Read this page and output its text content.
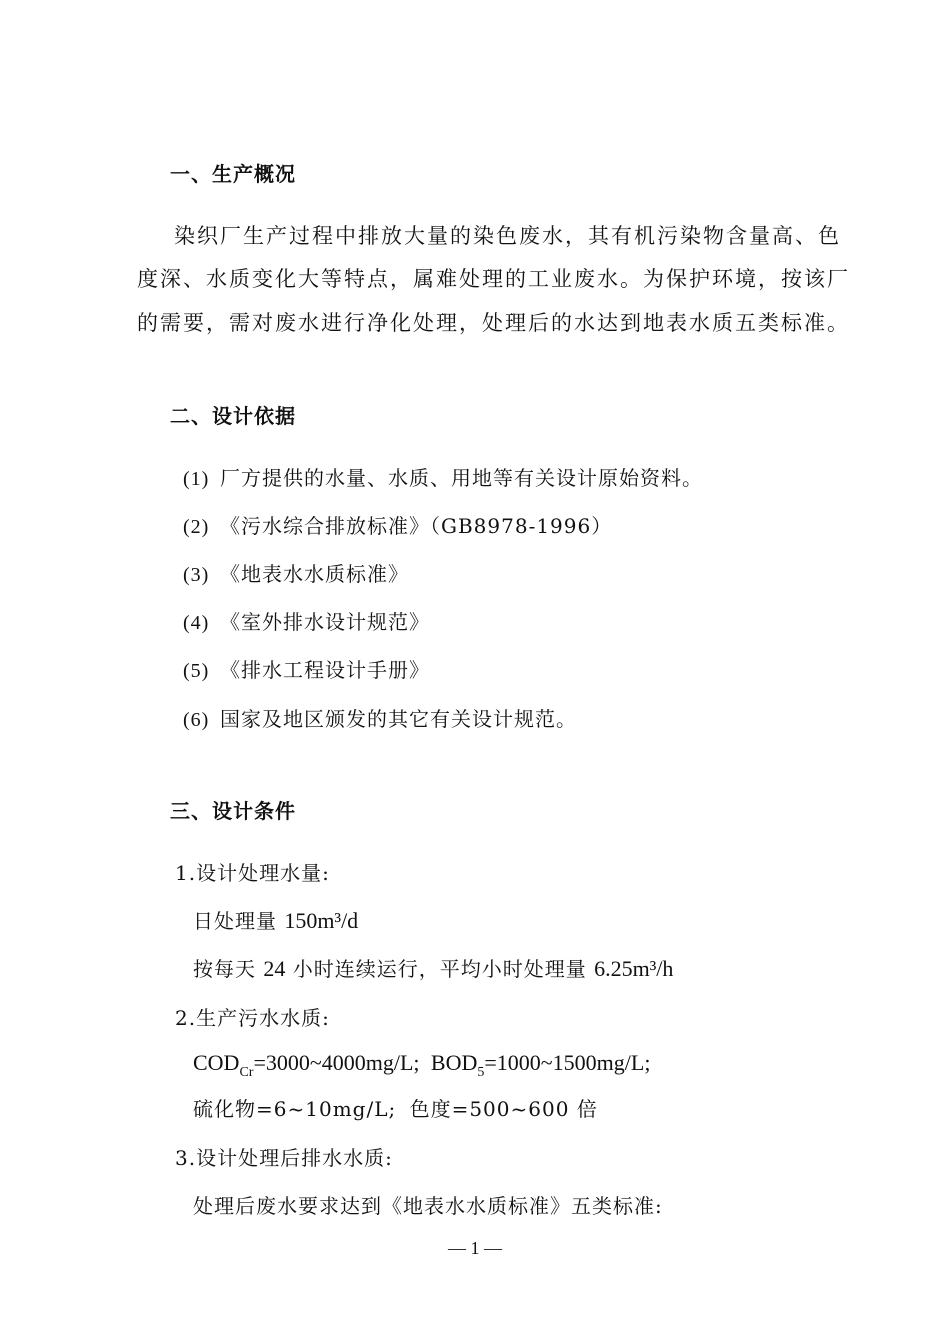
一、生产概况
染织厂生产过程中排放大量的染色废水，其有机污染物含量高、色
度深、水质变化大等特点，属难处理的工业废水。为保护环境，按该厂
的需要，需对废水进行净化处理，处理后的水达到地表水质五类标准。
二、设计依据
(1) 厂方提供的水量、水质、用地等有关设计原始资料。
(2) 《污水综合排放标准》（GB8978-1996）
(3) 《地表水水质标准》
(4) 《室外排水设计规范》
(5) 《排水工程设计手册》
(6) 国家及地区颁发的其它有关设计规范。
三、设计条件
1.设计处理水量:
日处理量 150m³/d
按每天 24 小时连续运行，平均小时处理量 6.25m³/h
2.生产污水水质:
$COD_{Cr}=3000\sim 4000mg/L$; $BOD_5=1000\sim 1500mg/L$;
硫化物=6~10mg/L; 色度=500~600 倍
3.设计处理后排水水质:
处理后废水要求达到《地表水水质标准》五类标准:
— 1 —
